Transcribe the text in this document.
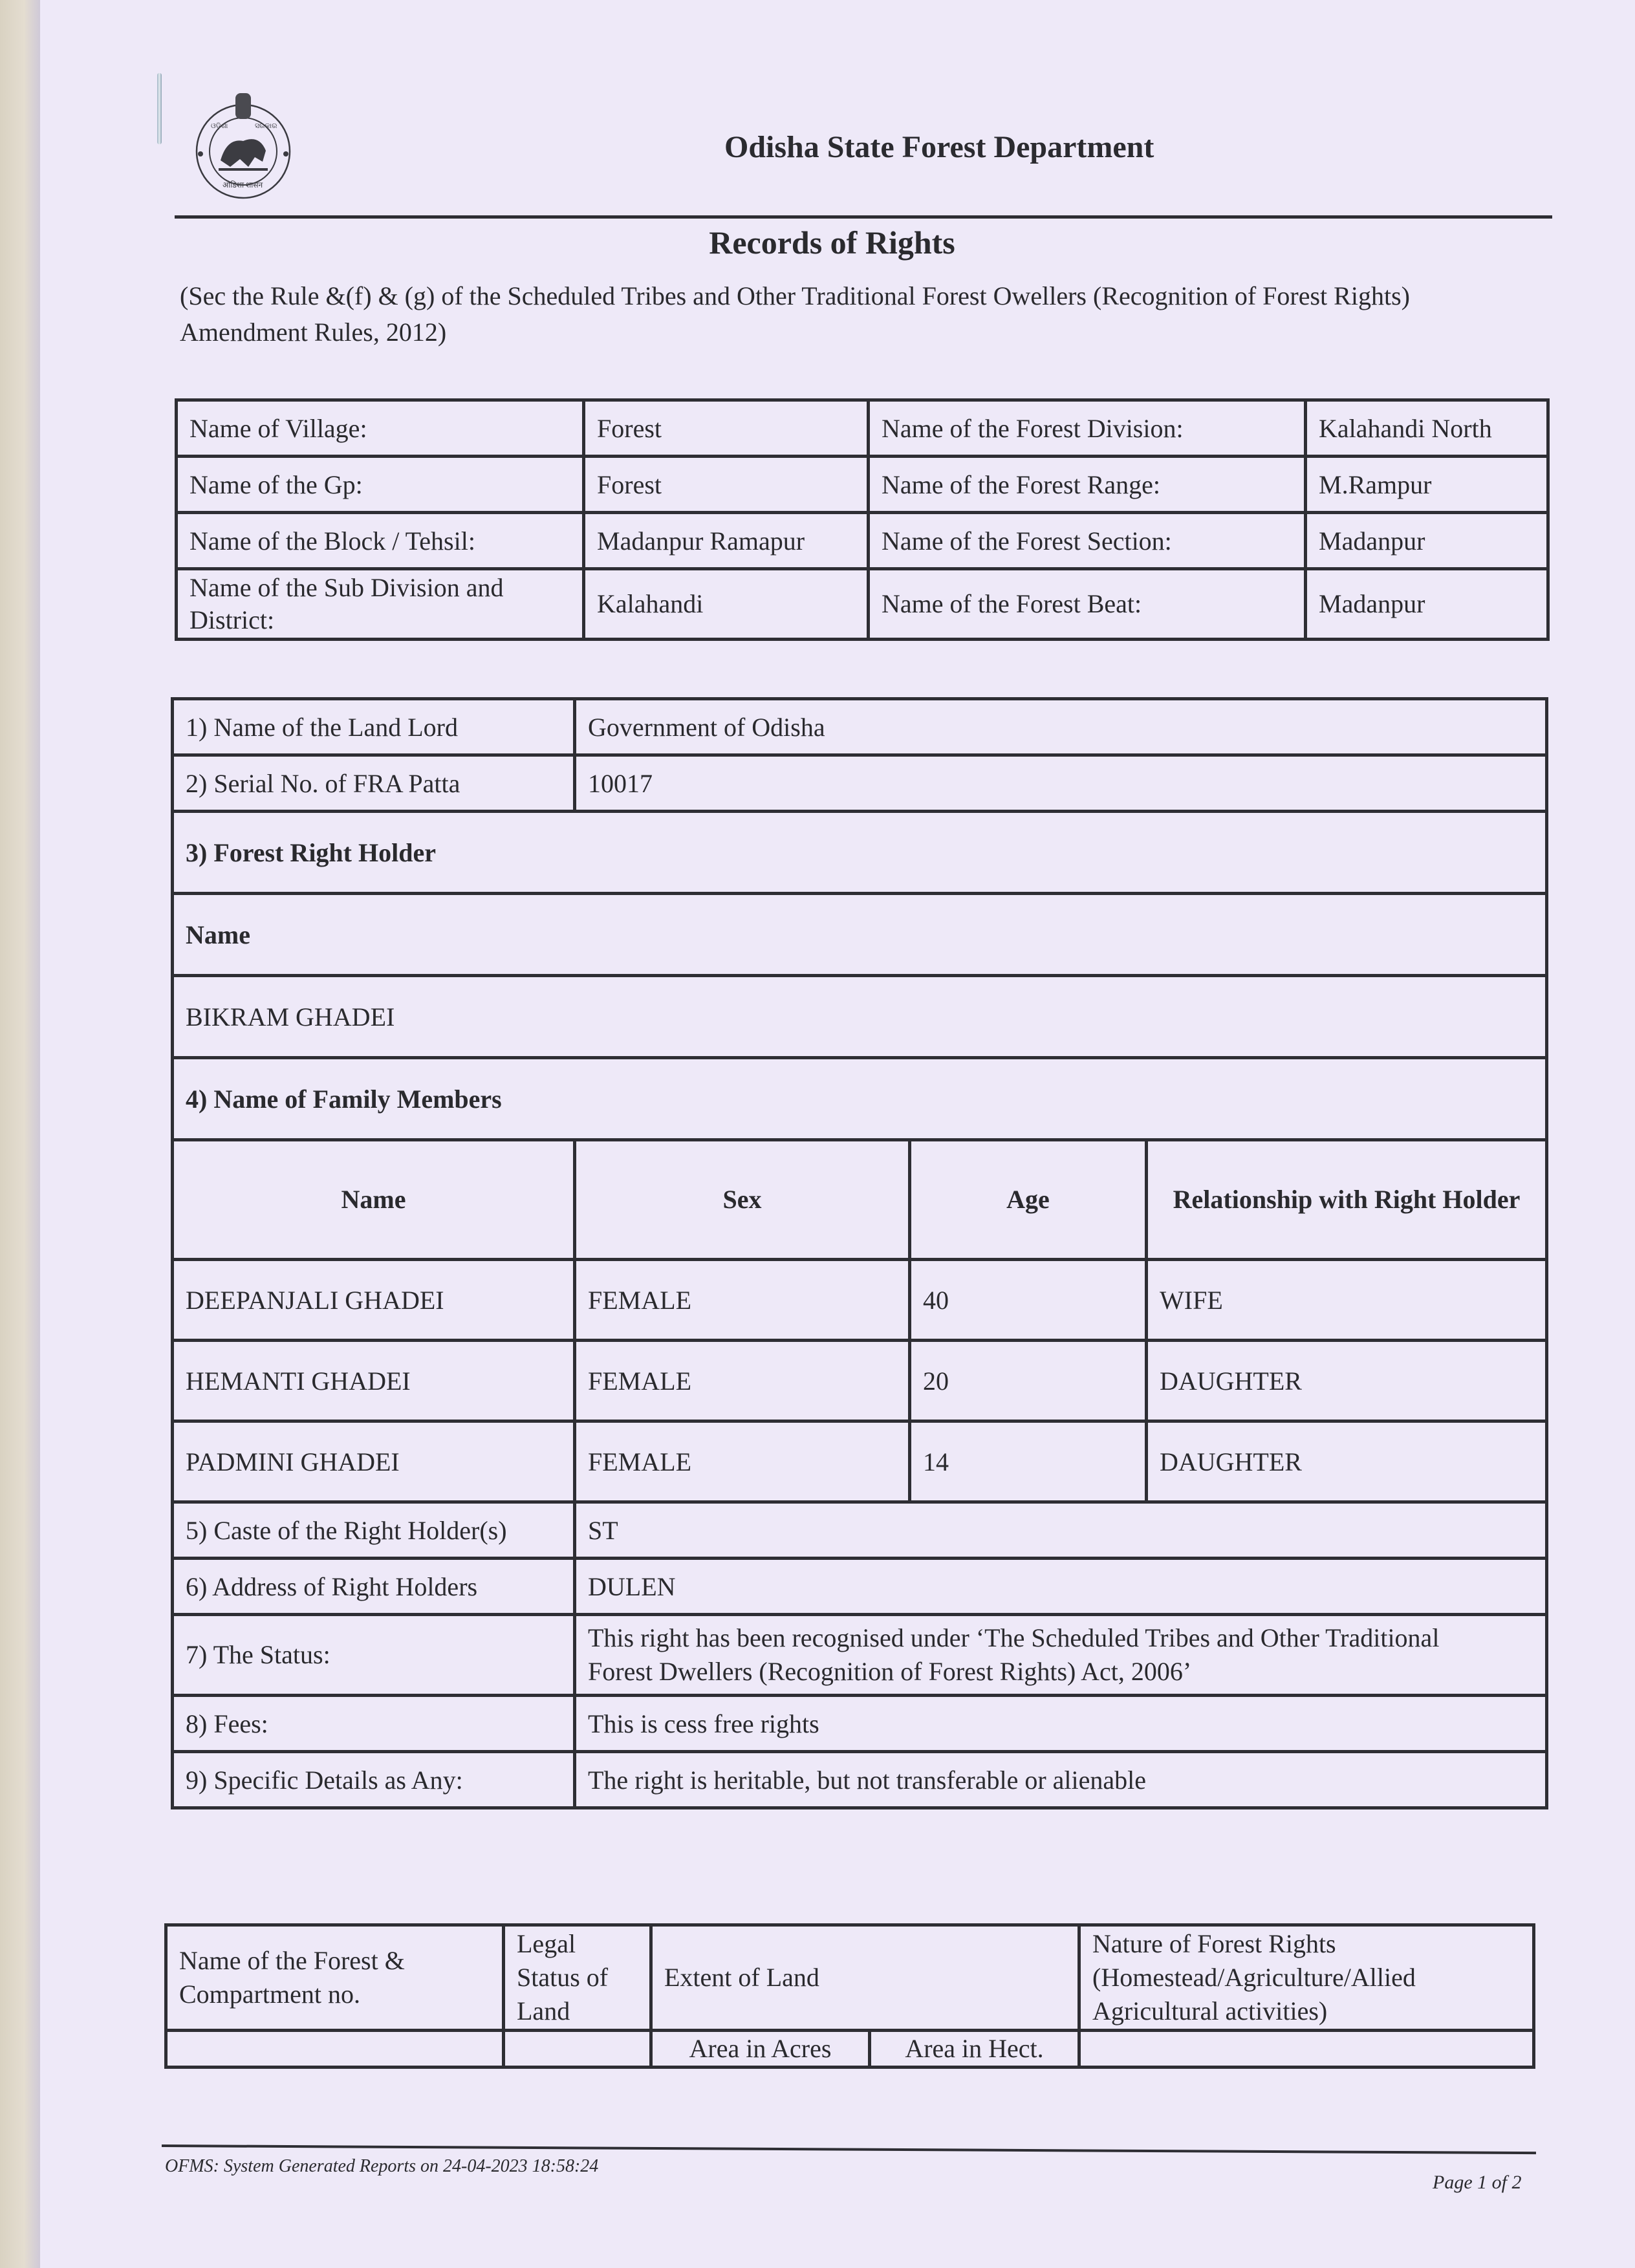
ଓଡ଼ିଶା	ସରକାର
ओडिशा शासन
Odisha State Forest Department
Records of Rights
(Sec the Rule &(f) & (g) of the Scheduled Tribes and Other Traditional Forest Owellers (Recognition of Forest Rights) Amendment Rules, 2012)
Name of Village:	Forest	Name of the Forest Division:	Kalahandi North
Name of the Gp:	Forest	Name of the Forest Range:	M.Rampur
Name of the Block / Tehsil:	Madanpur Ramapur	Name of the Forest Section:	Madanpur
Name of the Sub Division and District:	Kalahandi	Name of the Forest Beat:	Madanpur
1) Name of the Land Lord	Government of Odisha		
2) Serial No. of FRA Patta	10017		
3) Forest Right Holder			
Name			
BIKRAM GHADEI			
4) Name of Family Members			
Name	Sex	Age	Relationship with Right Holder
DEEPANJALI GHADEI	FEMALE	40	WIFE
HEMANTI GHADEI	FEMALE	20	DAUGHTER
PADMINI GHADEI	FEMALE	14	DAUGHTER
5) Caste of the Right Holder(s)	ST		
6) Address of Right Holders	DULEN		
7) The Status:	This right has been recognised under ‘The Scheduled Tribes and Other Traditional
Forest Dwellers (Recognition of Forest Rights) Act, 2006’		

8) Fees:	This is cess free rights		
9) Specific Details as Any:	The right is heritable, but not transferable or alienable		
Name of the Forest & Compartment no.	Legal Status of Land	Extent of Land		Nature of Forest Rights (Homestead/Agriculture/Allied Agricultural activities)
		Area in Acres	Area in Hect.	
OFMS: System Generated Reports on 24-04-2023 18:58:24
Page 1 of 2
